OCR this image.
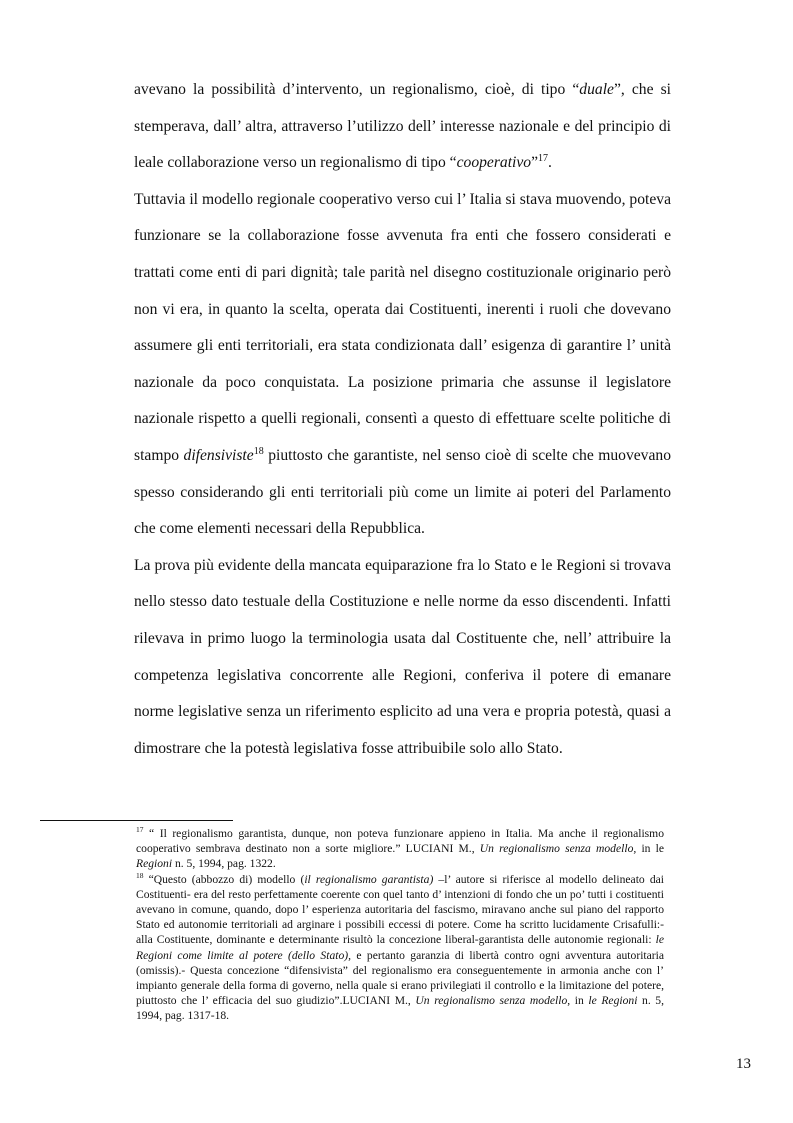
avevano la possibilità d’intervento, un regionalismo, cioè, di tipo “duale”, che si stemperava, dall’ altra, attraverso l’utilizzo dell’ interesse nazionale e del principio di leale collaborazione verso un regionalismo di tipo “cooperativo”$^{17}$.

Tuttavia il modello regionale cooperativo verso cui l’ Italia si stava muovendo, poteva funzionare se la collaborazione fosse avvenuta fra enti che fossero considerati e trattati come enti di pari dignità; tale parità nel disegno costituzionale originario però non vi era, in quanto la scelta, operata dai Costituenti, inerenti i ruoli che dovevano assumere gli enti territoriali, era stata condizionata dall’ esigenza di garantire l’ unità nazionale da poco conquistata. La posizione primaria che assunse il legislatore nazionale rispetto a quelli regionali, consentì a questo di effettuare scelte politiche di stampo difensiviste$^{18}$ piuttosto che garantiste, nel senso cioè di scelte che muovevano spesso considerando gli enti territoriali più come un limite ai poteri del Parlamento che come elementi necessari della Repubblica.

La prova più evidente della mancata equiparazione fra lo Stato e le Regioni si trovava nello stesso dato testuale della Costituzione e nelle norme da esso discendenti. Infatti rilevava in primo luogo la terminologia usata dal Costituente che, nell’ attribuire la competenza legislativa concorrente alle Regioni, conferiva il potere di emanare norme legislative senza un riferimento esplicito ad una vera e propria potestà, quasi a dimostrare che la potestà legislativa fosse attribuibile solo allo Stato.

$^{17}$ “ Il regionalismo garantista, dunque, non poteva funzionare appieno in Italia. Ma anche il regionalismo cooperativo sembrava destinato non a sorte migliore.” LUCIANI M., Un regionalismo senza modello, in le Regioni n. 5, 1994, pag. 1322.

$^{18}$ “Questo (abbozzo di) modello (il regionalismo garantista) –l’ autore si riferisce al modello delineato dai Costituenti- era del resto perfettamente coerente con quel tanto d’ intenzioni di fondo che un po’ tutti i costituenti avevano in comune, quando, dopo l’ esperienza autoritaria del fascismo, miravano anche sul piano del rapporto Stato ed autonomie territoriali ad arginare i possibili eccessi di potere. Come ha scritto lucidamente Crisafulli:-alla Costituente, dominante e determinante risultò la concezione liberal-garantista delle autonomie regionali: le Regioni come limite al potere (dello Stato), e pertanto garanzia di libertà contro ogni avventura autoritaria (omissis).- Questa concezione “difensivista” del regionalismo era conseguentemente in armonia anche con l’ impianto generale della forma di governo, nella quale si erano privilegiati il controllo e la limitazione del potere, piuttosto che l’ efficacia del suo giudizio”.LUCIANI M., Un regionalismo senza modello, in le Regioni n. 5, 1994, pag. 1317-18.

13
